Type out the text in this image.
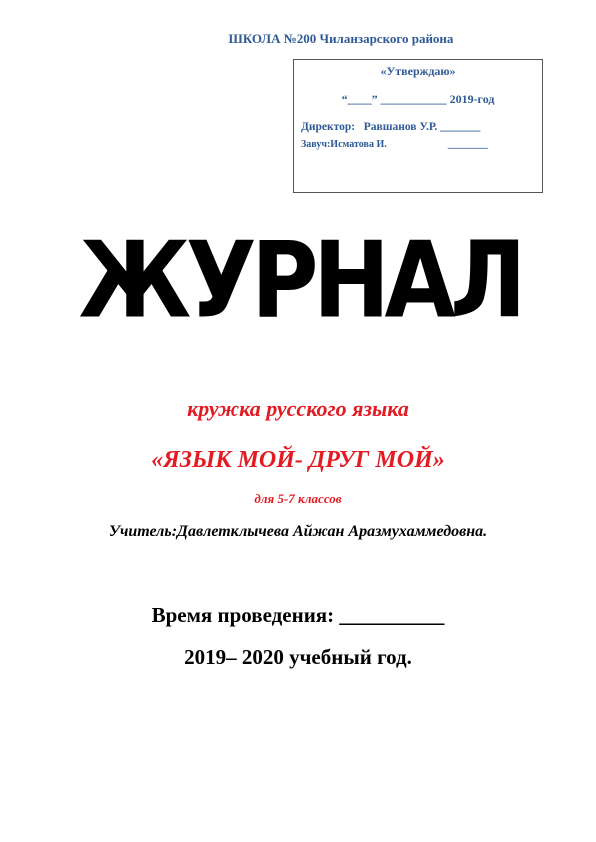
ШКОЛА №200 Чиланзарского района
«Утверждаю»
“____” ___________ 2019-год
Директор: Равшанов У.Р. _______
Завуч:Исматова И.	________
ЖУРНАЛ
кружка русского языка
«ЯЗЫК МОЙ- ДРУГ МОЙ»
для 5-7 классов
Учитель:Давлетклычева Айжан Аразмухаммедовна.
Время проведения: __________
2019– 2020 учебный год.
